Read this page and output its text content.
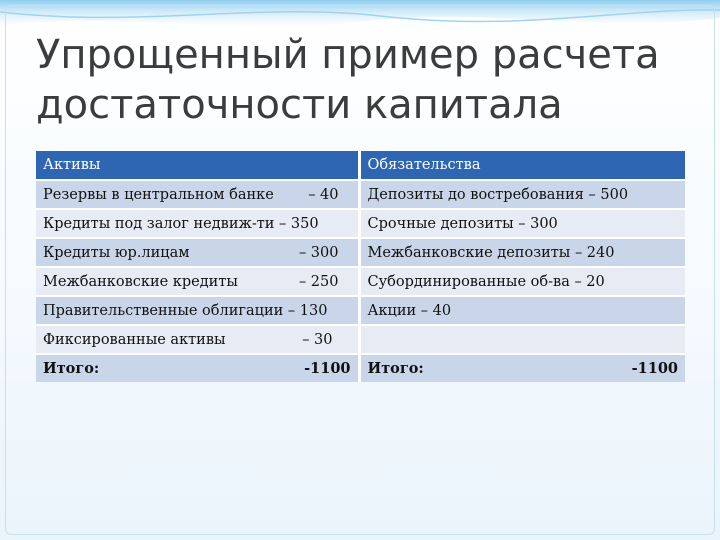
Упрощенный пример расчета
достаточности капитала
Активы	Обязательства

Резервы в центральном банке – 40	Депозиты до востребования – 500
Кредиты под залог недвиж-ти – 350	Срочные депозиты – 300

Кредиты юр.лицам – 300	Межбанковские депозиты – 240

Межбанковские кредиты – 250	Субординированные об-ва – 20
Правительственные облигации – 130	Акции – 40

Фиксированные активы – 30	

Итого: -1100	Итого: -1100
